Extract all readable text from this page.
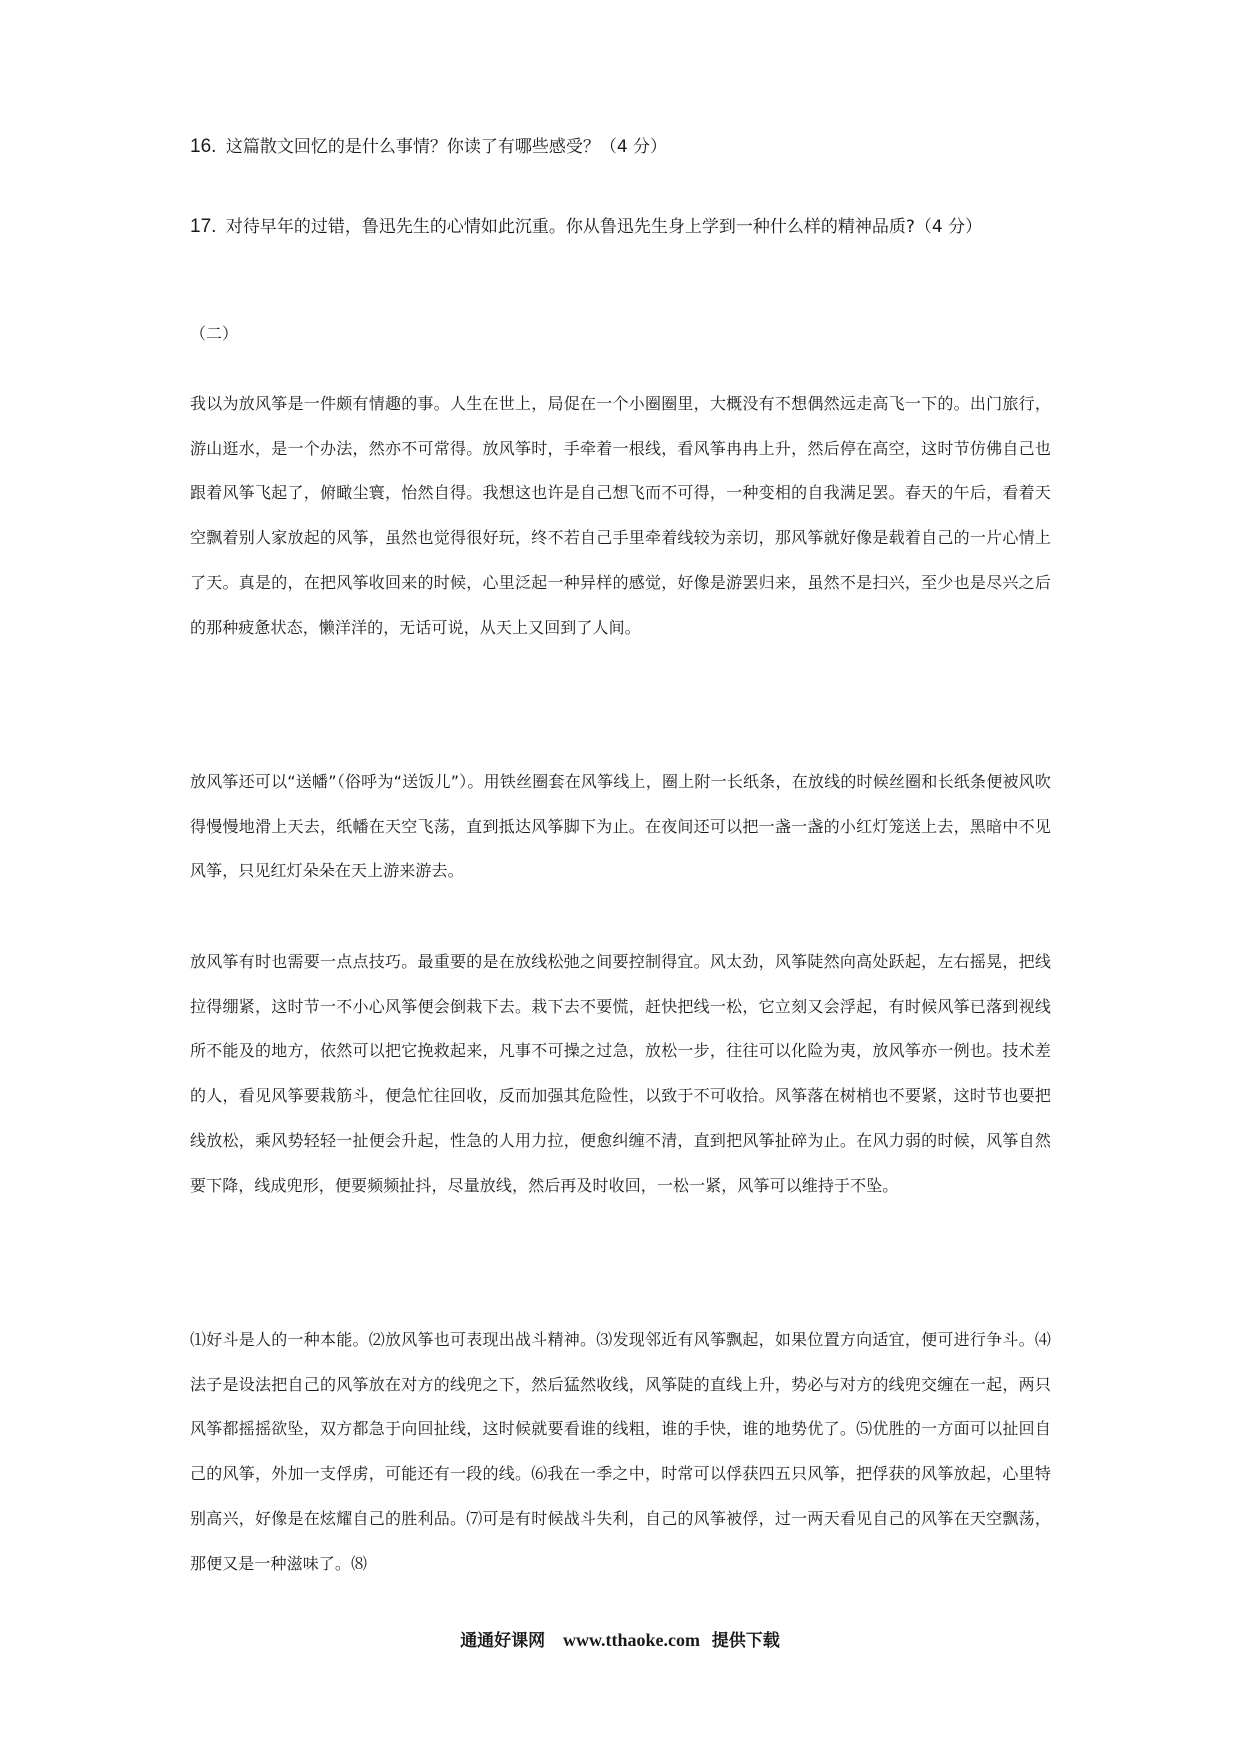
16. 这篇散文回忆的是什么事情？你读了有哪些感受？（4 分）
17. 对待早年的过错，鲁迅先生的心情如此沉重。你从鲁迅先生身上学到一种什么样的精神品质?（4 分）
（二）

我以为放风筝是一件颇有情趣的事。人生在世上，局促在一个小圈圈里，大概没有不想偶然远走高飞一下的。出门旅行，游山逛水，是一个办法，然亦不可常得。放风筝时，手牵着一根线，看风筝冉冉上升，然后停在高空，这时节仿佛自己也跟着风筝飞起了，俯瞰尘寰，怡然自得。我想这也许是自己想飞而不可得，一种变相的自我满足罢。春天的午后，看着天空飘着别人家放起的风筝，虽然也觉得很好玩，终不若自己手里牵着线较为亲切，那风筝就好像是载着自己的一片心情上了天。真是的，在把风筝收回来的时候，心里泛起一种异样的感觉，好像是游罢归来，虽然不是扫兴，至少也是尽兴之后的那种疲惫状态，懒洋洋的，无话可说，从天上又回到了人间。

放风筝还可以“送幡”（俗呼为“送饭儿”）。用铁丝圈套在风筝线上，圈上附一长纸条，在放线的时候丝圈和长纸条便被风吹得慢慢地滑上天去，纸幡在天空飞荡，直到抵达风筝脚下为止。在夜间还可以把一盏一盏的小红灯笼送上去，黑暗中不见风筝，只见红灯朵朵在天上游来游去。

放风筝有时也需要一点点技巧。最重要的是在放线松弛之间要控制得宜。风太劲，风筝陡然向高处跃起，左右摇晃，把线拉得绷紧，这时节一不小心风筝便会倒栽下去。栽下去不要慌，赶快把线一松，它立刻又会浮起，有时候风筝已落到视线所不能及的地方，依然可以把它挽救起来，凡事不可操之过急，放松一步，往往可以化险为夷，放风筝亦一例也。技术差的人，看见风筝要栽筋斗，便急忙往回收，反而加强其危险性，以致于不可收拾。风筝落在树梢也不要紧，这时节也要把线放松，乘风势轻轻一扯便会升起，性急的人用力拉，便愈纠缠不清，直到把风筝扯碎为止。在风力弱的时候，风筝自然要下降，线成兜形，便要频频扯抖，尽量放线，然后再及时收回，一松一紧，风筝可以维持于不坠。

⑴好斗是人的一种本能。⑵放风筝也可表现出战斗精神。⑶发现邻近有风筝飘起，如果位置方向适宜，便可进行争斗。⑷法子是设法把自己的风筝放在对方的线兜之下，然后猛然收线，风筝陡的直线上升，势必与对方的线兜交缠在一起，两只风筝都摇摇欲坠，双方都急于向回扯线，这时候就要看谁的线粗，谁的手快，谁的地势优了。⑸优胜的一方面可以扯回自己的风筝，外加一支俘虏，可能还有一段的线。⑹我在一季之中，时常可以俘获四五只风筝，把俘获的风筝放起，心里特别高兴，好像是在炫耀自己的胜利品。⑺可是有时候战斗失利，自己的风筝被俘，过一两天看见自己的风筝在天空飘荡，那便又是一种滋味了。⑻

通通好课网 www.tthaoke.com 提供下载
